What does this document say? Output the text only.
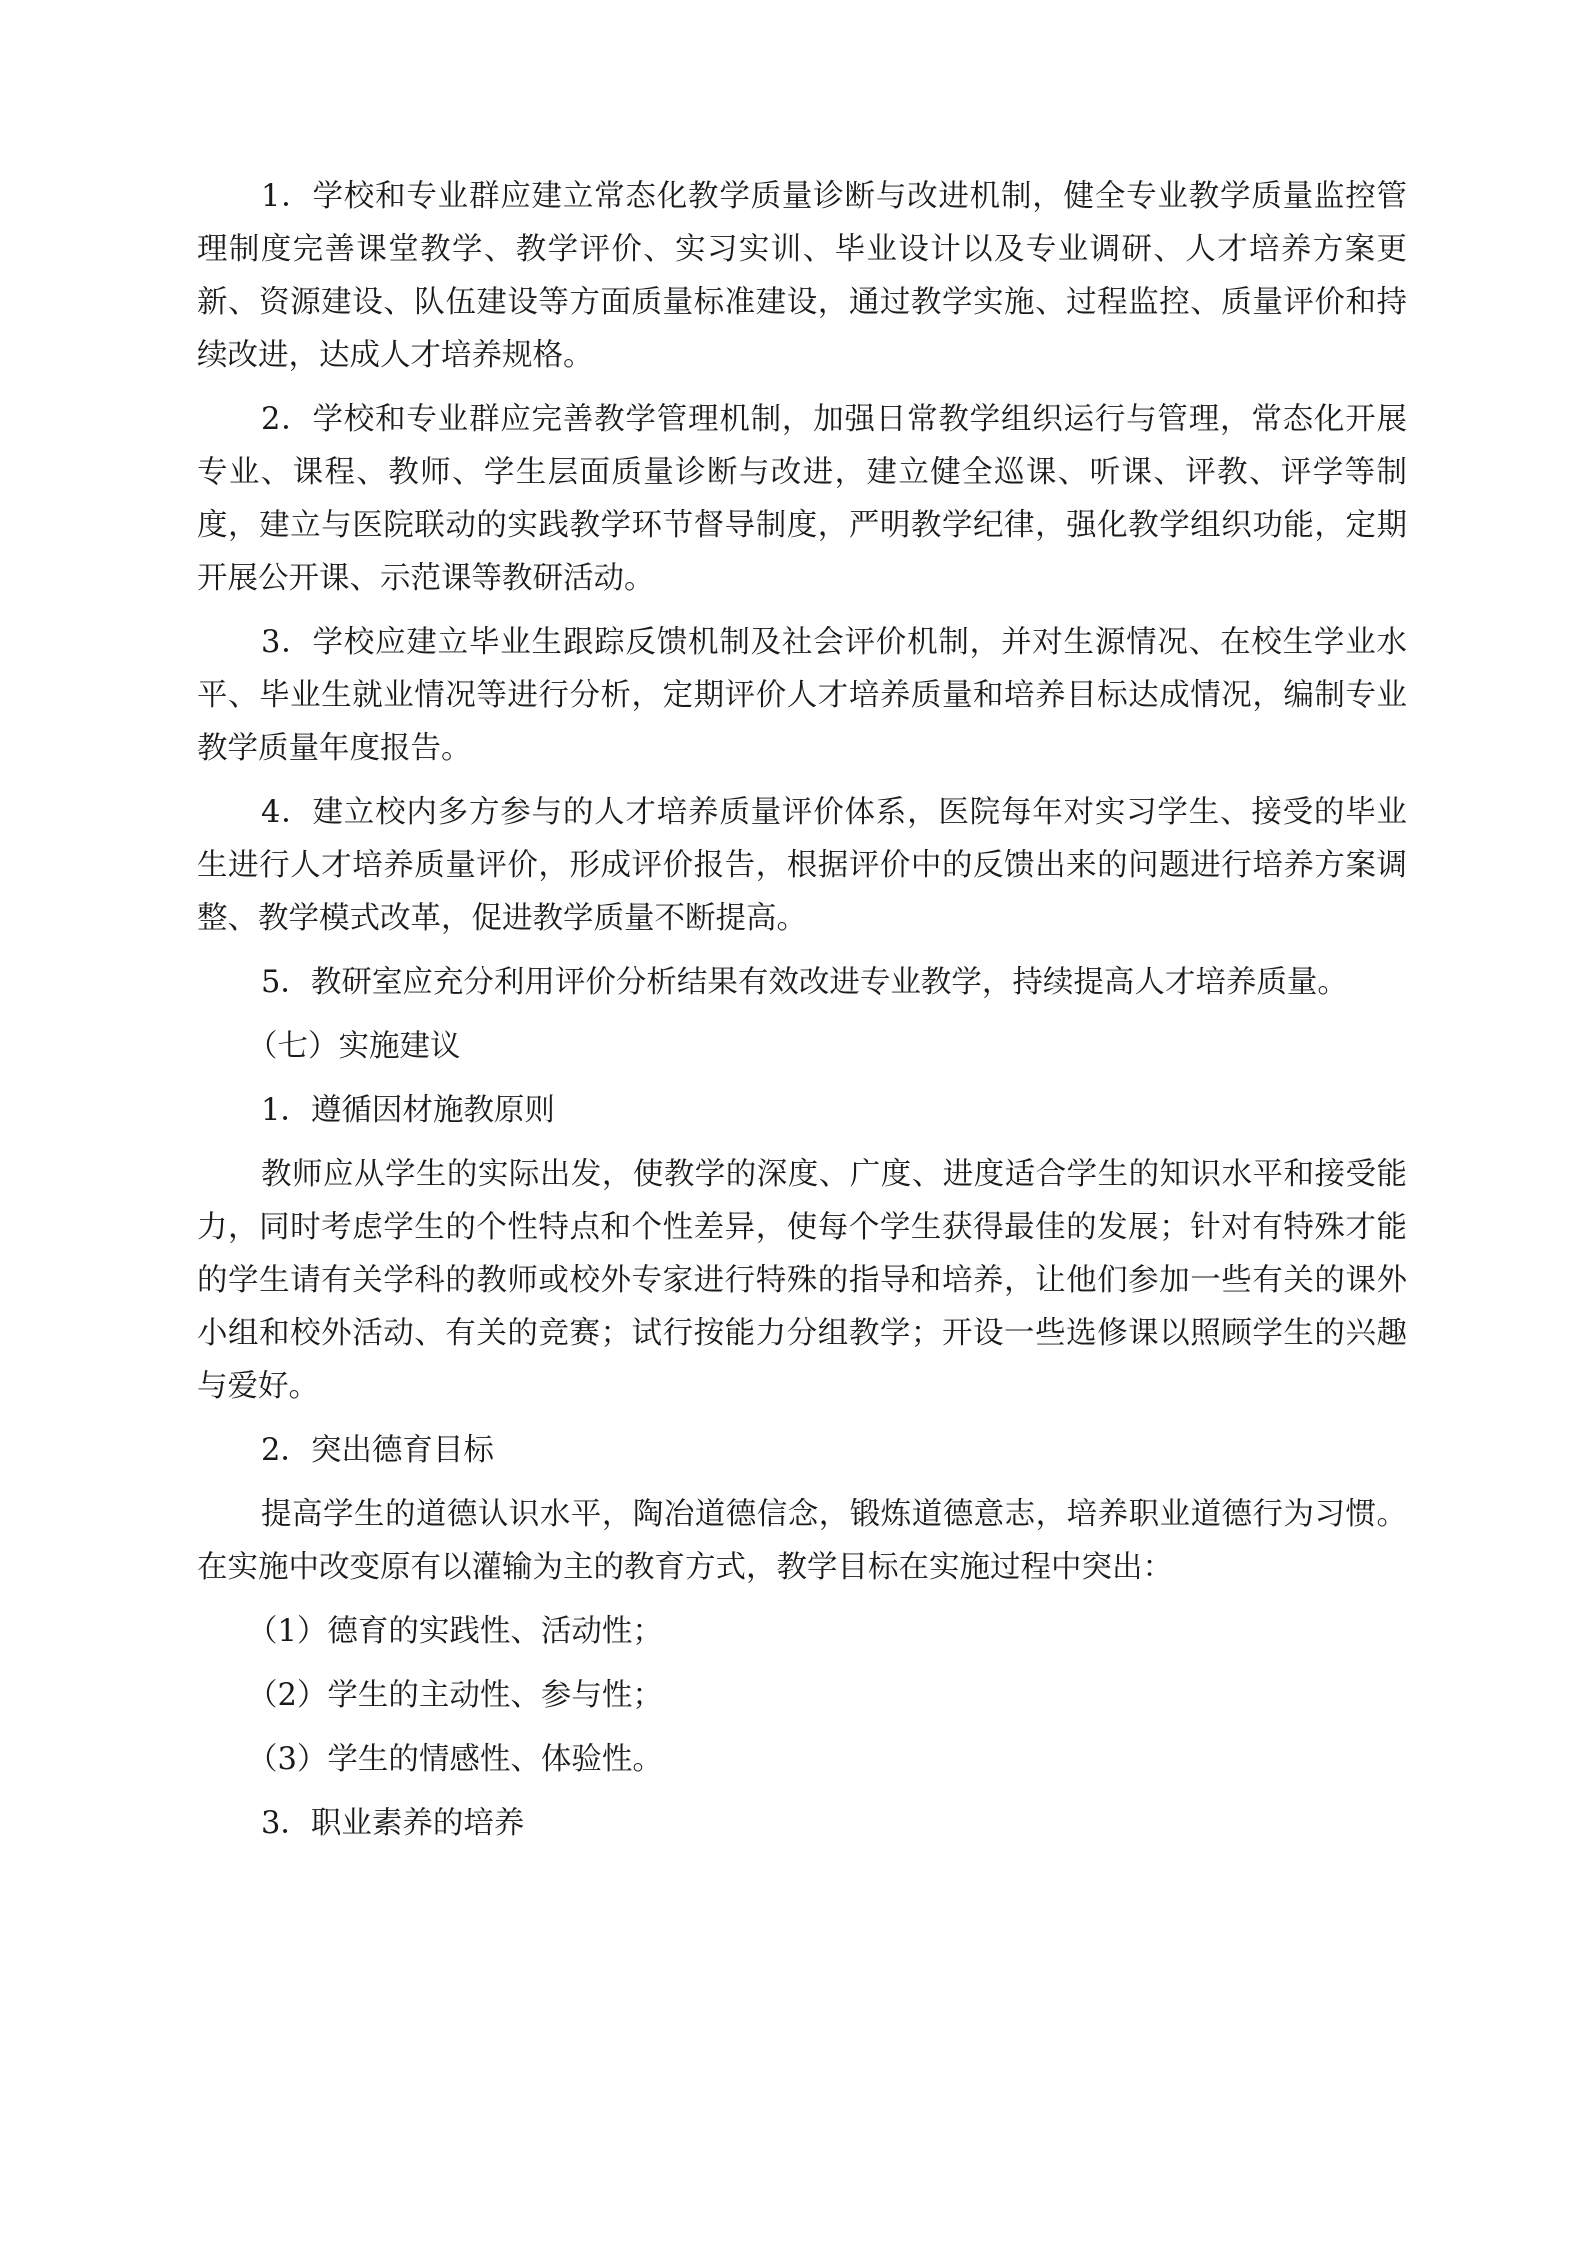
1．学校和专业群应建立常态化教学质量诊断与改进机制，健全专业教学质量监控管理制度完善课堂教学、教学评价、实习实训、毕业设计以及专业调研、人才培养方案更新、资源建设、队伍建设等方面质量标准建设，通过教学实施、过程监控、质量评价和持续改进，达成人才培养规格。

2．学校和专业群应完善教学管理机制，加强日常教学组织运行与管理，常态化开展专业、课程、教师、学生层面质量诊断与改进，建立健全巡课、听课、评教、评学等制度，建立与医院联动的实践教学环节督导制度，严明教学纪律，强化教学组织功能，定期开展公开课、示范课等教研活动。

3．学校应建立毕业生跟踪反馈机制及社会评价机制，并对生源情况、在校生学业水平、毕业生就业情况等进行分析，定期评价人才培养质量和培养目标达成情况，编制专业教学质量年度报告。

4．建立校内多方参与的人才培养质量评价体系，医院每年对实习学生、接受的毕业生进行人才培养质量评价，形成评价报告，根据评价中的反馈出来的问题进行培养方案调整、教学模式改革，促进教学质量不断提高。

5．教研室应充分利用评价分析结果有效改进专业教学，持续提高人才培养质量。

（七）实施建议

1．遵循因材施教原则

教师应从学生的实际出发，使教学的深度、广度、进度适合学生的知识水平和接受能力，同时考虑学生的个性特点和个性差异，使每个学生获得最佳的发展；针对有特殊才能的学生请有关学科的教师或校外专家进行特殊的指导和培养，让他们参加一些有关的课外小组和校外活动、有关的竞赛；试行按能力分组教学；开设一些选修课以照顾学生的兴趣与爱好。

2．突出德育目标

提高学生的道德认识水平，陶冶道德信念，锻炼道德意志，培养职业道德行为习惯。在实施中改变原有以灌输为主的教育方式，教学目标在实施过程中突出：

（1）德育的实践性、活动性；

（2）学生的主动性、参与性；

（3）学生的情感性、体验性。

3．职业素养的培养
